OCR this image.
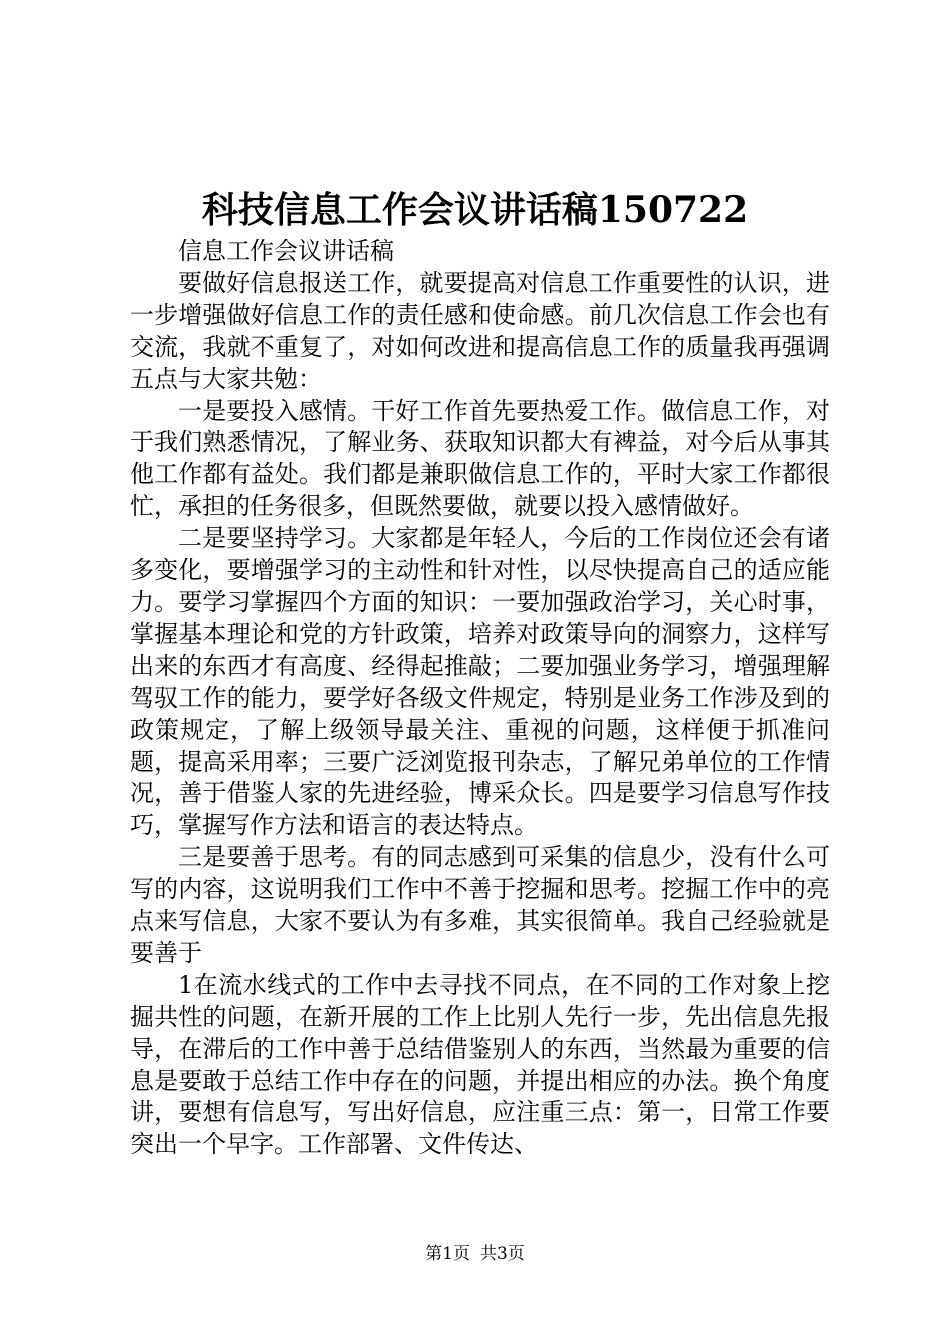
科技信息工作会议讲话稿150722

信息工作会议讲话稿

要做好信息报送工作，就要提高对信息工作重要性的认识，进一步增强做好信息工作的责任感和使命感。前几次信息工作会也有交流，我就不重复了，对如何改进和提高信息工作的质量我再强调五点与大家共勉：

一是要投入感情。干好工作首先要热爱工作。做信息工作，对于我们熟悉情况，了解业务、获取知识都大有裨益，对今后从事其他工作都有益处。我们都是兼职做信息工作的，平时大家工作都很忙，承担的任务很多，但既然要做，就要以投入感情做好。

二是要坚持学习。大家都是年轻人，今后的工作岗位还会有诸多变化，要增强学习的主动性和针对性，以尽快提高自己的适应能力。要学习掌握四个方面的知识：一要加强政治学习，关心时事，掌握基本理论和党的方针政策，培养对政策导向的洞察力，这样写出来的东西才有高度、经得起推敲；二要加强业务学习，增强理解驾驭工作的能力，要学好各级文件规定，特别是业务工作涉及到的政策规定，了解上级领导最关注、重视的问题，这样便于抓准问题，提高采用率；三要广泛浏览报刊杂志，了解兄弟单位的工作情况，善于借鉴人家的先进经验，博采众长。四是要学习信息写作技巧，掌握写作方法和语言的表达特点。

三是要善于思考。有的同志感到可采集的信息少，没有什么可写的内容，这说明我们工作中不善于挖掘和思考。挖掘工作中的亮点来写信息，大家不要认为有多难，其实很简单。我自己经验就是要善于

1在流水线式的工作中去寻找不同点，在不同的工作对象上挖掘共性的问题，在新开展的工作上比别人先行一步，先出信息先报导，在滞后的工作中善于总结借鉴别人的东西，当然最为重要的信息是要敢于总结工作中存在的问题，并提出相应的办法。换个角度讲，要想有信息写，写出好信息，应注重三点：第一，日常工作要突出一个早字。工作部署、文件传达、

第1页 共3页
